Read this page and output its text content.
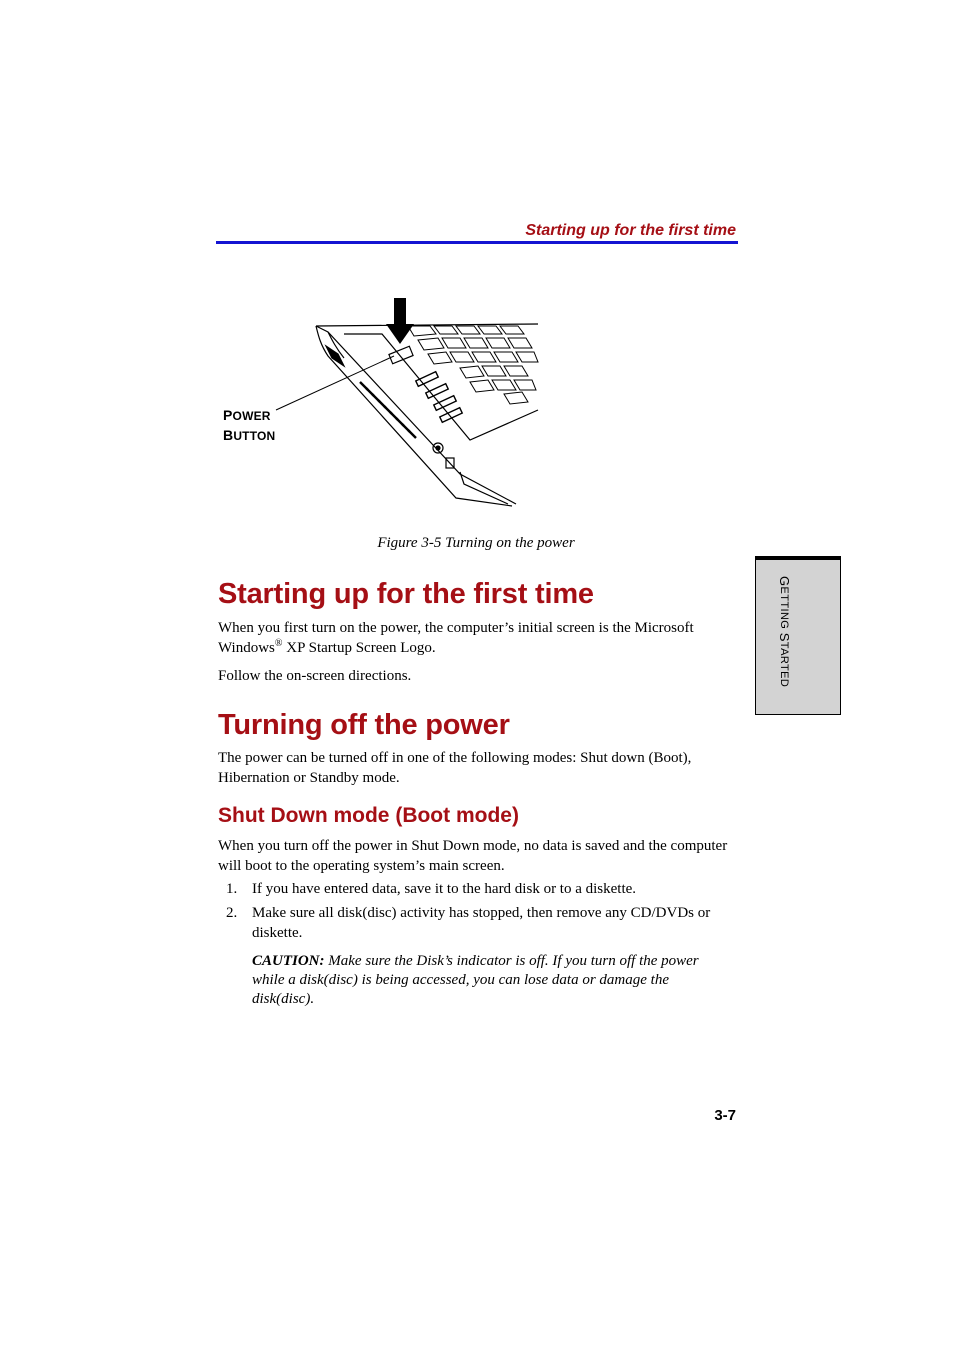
Starting up for the first time
POWER
BUTTON
Figure 3-5 Turning on the power
Starting up for the first time

When you first turn on the power, the computer’s initial screen is the Microsoft Windows® XP Startup Screen Logo.

Follow the on-screen directions.

Turning off the power

The power can be turned off in one of the following modes: Shut down (Boot), Hibernation or Standby mode.

Shut Down mode (Boot mode)

When you turn off the power in Shut Down mode, no data is saved and the computer will boot to the operating system’s main screen.

1. If you have entered data, save it to the hard disk or to a diskette.
2. Make sure all disk(disc) activity has stopped, then remove any CD/DVDs or diskette.
CAUTION: Make sure the Disk’s indicator is off. If you turn off the power while a disk(disc) is being accessed, you can lose data or damage the disk(disc).
GETTING STARTED
3-7
